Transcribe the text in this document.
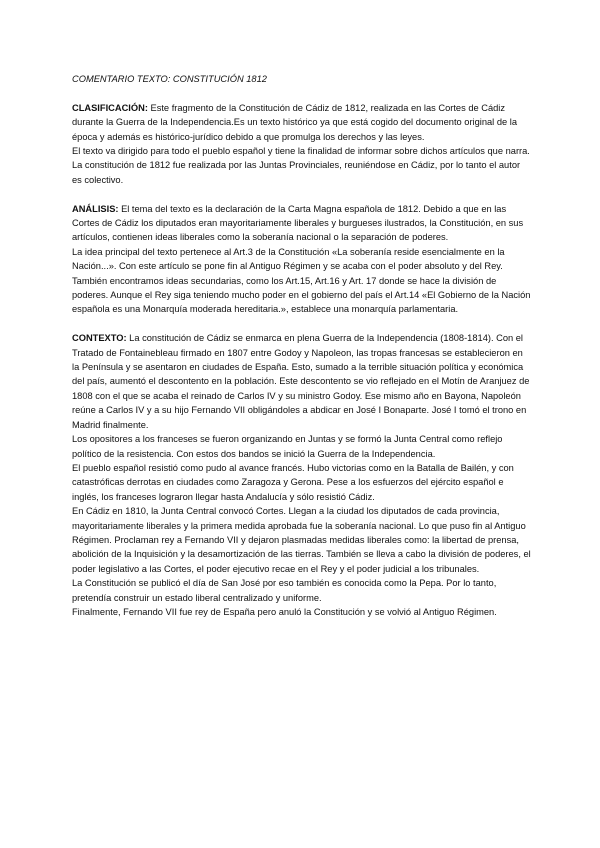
COMENTARIO TEXTO: CONSTITUCIÓN 1812

CLASIFICACIÓN: Este fragmento de la Constitución de Cádiz de 1812, realizada en las Cortes de Cádiz durante la Guerra de la Independencia.Es un texto histórico ya que está cogido del documento original de la época y además es histórico-jurídico debido a que promulga los derechos y las leyes.

El texto va dirigido para todo el pueblo español y tiene la finalidad de informar sobre dichos artículos que narra. La constitución de 1812 fue realizada por las Juntas Provinciales, reuniéndose en Cádiz, por lo tanto el autor es colectivo.

ANÁLISIS: El tema del texto es la declaración de la Carta Magna española de 1812. Debido a que en las Cortes de Cádiz los diputados eran mayoritariamente liberales y burgueses ilustrados, la Constitución, en sus artículos, contienen ideas liberales como la soberanía nacional o la separación de poderes.

La idea principal del texto pertenece al Art.3 de la Constitución «La soberanía reside esencialmente en la Nación...». Con este artículo se pone fin al Antiguo Régimen y se acaba con el poder absoluto y del Rey. También encontramos ideas secundarias, como los Art.15, Art.16 y Art. 17 donde se hace la división de poderes. Aunque el Rey siga teniendo mucho poder en el gobierno del país el Art.14 «El Gobierno de la Nación española es una Monarquía moderada hereditaria.», establece una monarquía parlamentaria.

CONTEXTO: La constitución de Cádiz se enmarca en plena Guerra de la Independencia (1808-1814). Con el Tratado de Fontainebleau firmado en 1807 entre Godoy y Napoleon, las tropas francesas se establecieron en la Península y se asentaron en ciudades de España. Esto, sumado a la terrible situación política y económica del país, aumentó el descontento en la población. Este descontento se vio reflejado en el Motín de Aranjuez de 1808 con el que se acaba el reinado de Carlos IV y su ministro Godoy. Ese mismo año en Bayona, Napoleón reúne a Carlos IV y a su hijo Fernando VII obligándoles a abdicar en José I Bonaparte. José I tomó el trono en Madrid finalmente.

Los opositores a los franceses se fueron organizando en Juntas y se formó la Junta Central como reflejo político de la resistencia. Con estos dos bandos se inició la Guerra de la Independencia.

El pueblo español resistió como pudo al avance francés. Hubo victorias como en la Batalla de Bailén, y con catastróficas derrotas en ciudades como Zaragoza y Gerona. Pese a los esfuerzos del ejército español e inglés, los franceses lograron llegar hasta Andalucía y sólo resistió Cádiz.

En Cádiz en 1810, la Junta Central convocó Cortes. Llegan a la ciudad los diputados de cada provincia, mayoritariamente liberales y la primera medida aprobada fue la soberanía nacional. Lo que puso fin al Antiguo Régimen. Proclaman rey a Fernando VII y dejaron plasmadas medidas liberales como: la libertad de prensa, abolición de la Inquisición y la desamortización de las tierras. También se lleva a cabo la división de poderes, el poder legislativo a las Cortes, el poder ejecutivo recae en el Rey y el poder judicial a los tribunales.

La Constitución se publicó el día de San José por eso también es conocida como la Pepa. Por lo tanto, pretendía construir un estado liberal centralizado y uniforme.

Finalmente, Fernando VII fue rey de España pero anuló la Constitución y se volvió al Antiguo Régimen.
